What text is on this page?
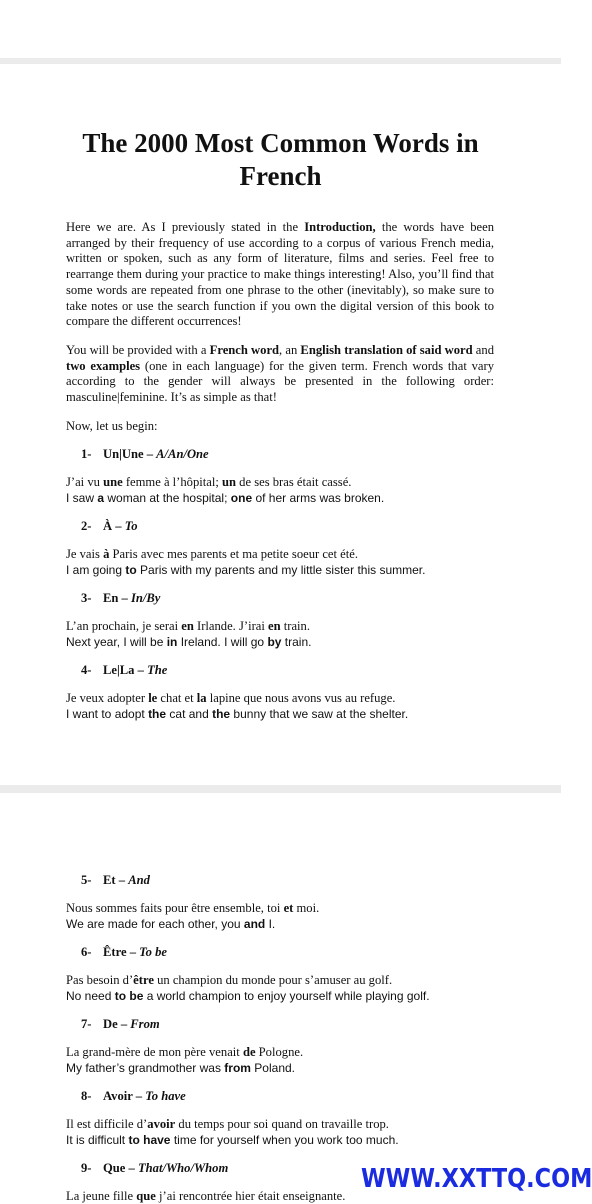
The 2000 Most Common Words in
French
Here we are. As I previously stated in the Introduction, the words have been arranged by their frequency of use according to a corpus of various French media, written or spoken, such as any form of literature, films and series. Feel free to rearrange them during your practice to make things interesting! Also, you’ll find that some words are repeated from one phrase to the other (inevitably), so make sure to take notes or use the search function if you own the digital version of this book to compare the different occurrences!
You will be provided with a French word, an English translation of said word and two examples (one in each language) for the given term. French words that vary according to the gender will always be presented in the following order: masculine|feminine. It’s as simple as that!
Now, let us begin:
1- Un|Une – A/An/One
J’ai vu une femme à l’hôpital; un de ses bras était cassé.
I saw a woman at the hospital; one of her arms was broken.
2- À – To
Je vais à Paris avec mes parents et ma petite soeur cet été.
I am going to Paris with my parents and my little sister this summer.
3- En – In/By
L’an prochain, je serai en Irlande. J’irai en train.
Next year, I will be in Ireland. I will go by train.
4- Le|La – The
Je veux adopter le chat et la lapine que nous avons vus au refuge.
I want to adopt the cat and the bunny that we saw at the shelter.
5- Et – And
Nous sommes faits pour être ensemble, toi et moi.
We are made for each other, you and I.
6- Être – To be
Pas besoin d’être un champion du monde pour s’amuser au golf.
No need to be a world champion to enjoy yourself while playing golf.
7- De – From
La grand-mère de mon père venait de Pologne.
My father’s grandmother was from Poland.
8- Avoir – To have
Il est difficile d’avoir du temps pour soi quand on travaille trop.
It is difficult to have time for yourself when you work too much.
9- Que – That/Who/Whom
La jeune fille que j’ai rencontrée hier était enseignante.
WWW.XXTTQ.COM
